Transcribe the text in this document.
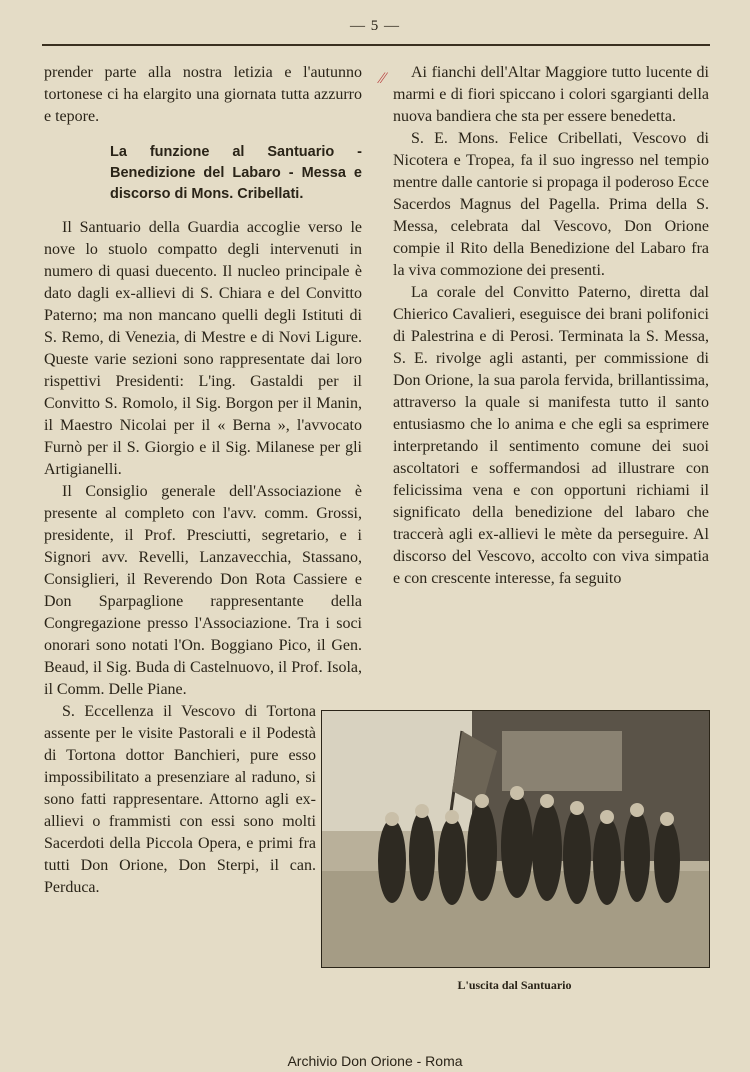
— 5 —

prender parte alla nostra letizia e l'autunno tortonese ci ha elargito una giornata tutta azzurro e tepore.

La funzione al Santuario - Benedizione del Labaro - Messa e discorso di Mons. Cribellati.

Il Santuario della Guardia accoglie verso le nove lo stuolo compatto degli intervenuti in numero di quasi duecento. Il nucleo principale è dato dagli ex-allievi di S. Chiara e del Convitto Paterno; ma non mancano quelli degli Istituti di S. Remo, di Venezia, di Mestre e di Novi Ligure. Queste varie sezioni sono rappresentate dai loro rispettivi Presidenti: L'ing. Gastaldi per il Convitto S. Romolo, il Sig. Borgon per il Manin, il Maestro Nicolai per il « Berna », l'avvocato Furnò per il S. Giorgio e il Sig. Milanese per gli Artigianelli.

Il Consiglio generale dell'Associazione è presente al completo con l'avv. comm. Grossi, presidente, il Prof. Presciutti, segretario, e i Signori avv. Revelli, Lanzavecchia, Stassano, Consiglieri, il Reverendo Don Rota Cassiere e Don Sparpaglione rappresentante della Congregazione presso l'Associazione. Tra i soci onorari sono notati l'On. Boggiano Pico, il Gen. Beaud, il Sig. Buda di Castelnuovo, il Prof. Isola, il Comm. Delle Piane.

S. Eccellenza il Vescovo di Tortona assente per le visite Pastorali e il Podestà di Tortona dottor Banchieri, pure esso impossibilitato a presenziare al raduno, si sono fatti rappresentare. Attorno agli ex-allievi o frammisti con essi sono molti Sacerdoti della Piccola Opera, e primi fra tutti Don Orione, Don Sterpi, il can. Perduca.

Ai fianchi dell'Altar Maggiore tutto lucente di marmi e di fiori spiccano i colori sgargianti della nuova bandiera che sta per essere benedetta.

S. E. Mons. Felice Cribellati, Vescovo di Nicotera e Tropea, fa il suo ingresso nel tempio mentre dalle cantorie si propaga il poderoso Ecce Sacerdos Magnus del Pagella. Prima della S. Messa, celebrata dal Vescovo, Don Orione compie il Rito della Benedizione del Labaro fra la viva commozione dei presenti.

La corale del Convitto Paterno, diretta dal Chierico Cavalieri, eseguisce dei brani polifonici di Palestrina e di Perosi. Terminata la S. Messa, S. E. rivolge agli astanti, per commissione di Don Orione, la sua parola fervida, brillantissima, attraverso la quale si manifesta tutto il santo entusiasmo che lo anima e che egli sa esprimere interpretando il sentimento comune dei suoi ascoltatori e soffermandosi ad illustrare con felicissima vena e con opportuni richiami il significato della benedizione del labaro che traccerà agli ex-allievi le mète da perseguire. Al discorso del Vescovo, accolto con viva simpatia e con crescente interesse, fa seguito

⁄⁄
L'uscita dal Santuario
Archivio Don Orione - Roma
